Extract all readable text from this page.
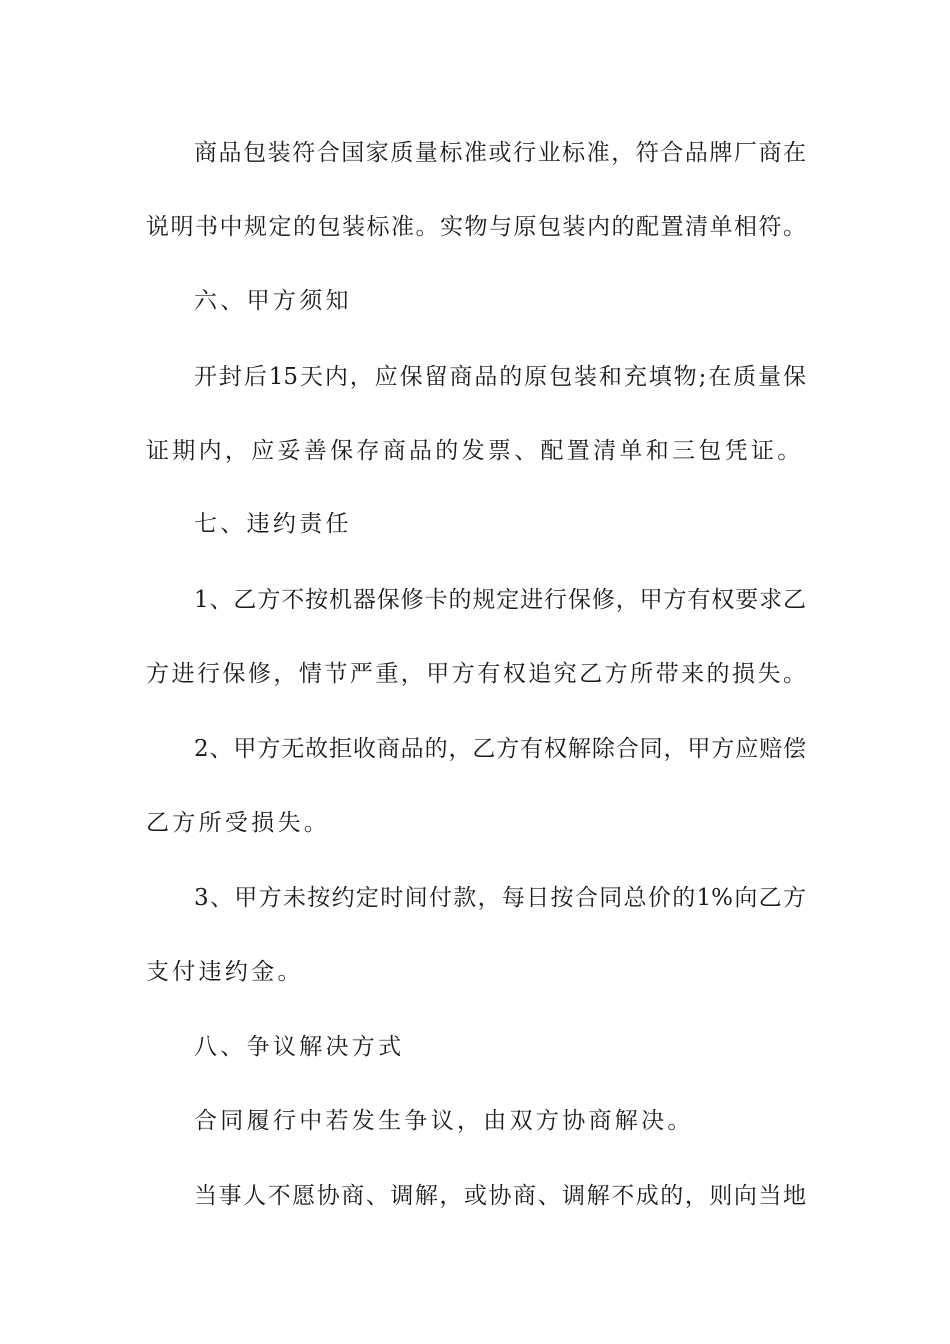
商品包装符合国家质量标准或行业标准，符合品牌厂商在
说明书中规定的包装标准。实物与原包装内的配置清单相符。
六、甲方须知
开封后15天内，应保留商品的原包装和充填物;在质量保
证期内，应妥善保存商品的发票、配置清单和三包凭证。
七、违约责任
1、乙方不按机器保修卡的规定进行保修，甲方有权要求乙
方进行保修，情节严重，甲方有权追究乙方所带来的损失。
2、甲方无故拒收商品的，乙方有权解除合同，甲方应赔偿
乙方所受损失。
3、甲方未按约定时间付款，每日按合同总价的1%向乙方
支付违约金。
八、争议解决方式
合同履行中若发生争议，由双方协商解决。
当事人不愿协商、调解，或协商、调解不成的，则向当地
